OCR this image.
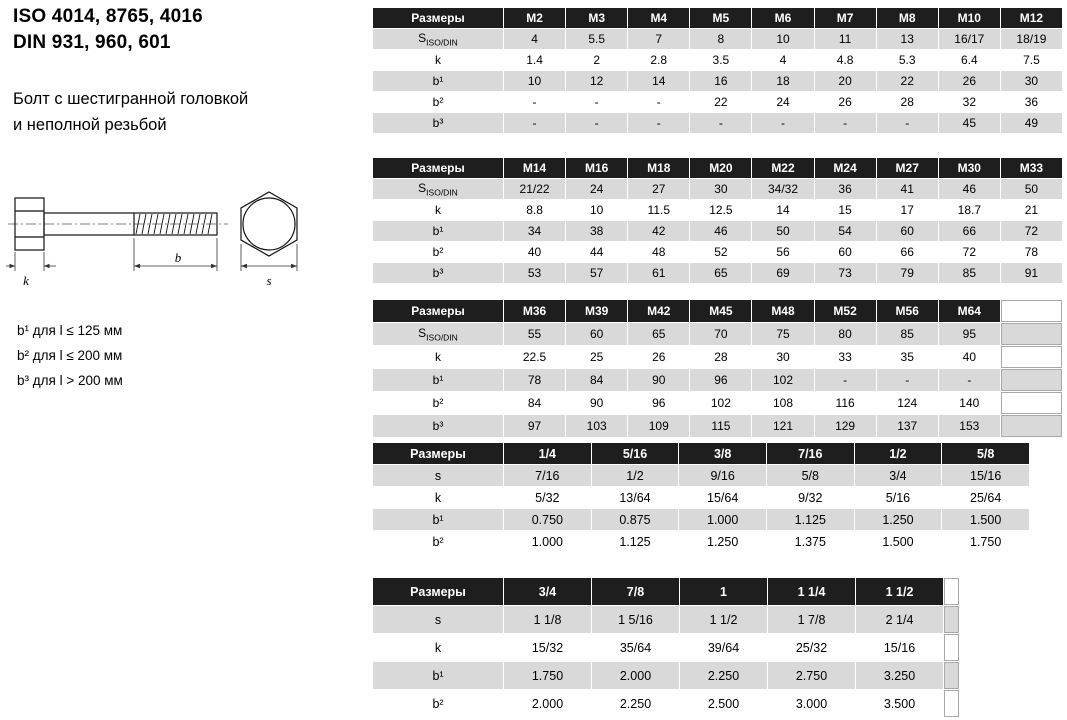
ISO 4014, 8765, 4016
DIN 931, 960, 601
Болт с шестигранной головкой
и неполной резьбой
k
b
s
b¹ для l ≤ 125 мм
b² для l ≤ 200 мм
b³ для l > 200 мм
Размеры	M2	M3	M4	M5	M6	M7	M8	M10	M12
$S_{ISO/DIN}$	4	5.5	7	8	10	11	13	16/17	18/19
k	1.4	2	2.8	3.5	4	4.8	5.3	6.4	7.5
b¹	10	12	14	16	18	20	22	26	30
b²	-	-	-	22	24	26	28	32	36
b³	-	-	-	-	-	-	-	45	49
Размеры	M14	M16	M18	M20	M22	M24	M27	M30	M33
$S_{ISO/DIN}$	21/22	24	27	30	34/32	36	41	46	50
k	8.8	10	11.5	12.5	14	15	17	18.7	21
b¹	34	38	42	46	50	54	60	66	72
b²	40	44	48	52	56	60	66	72	78
b³	53	57	61	65	69	73	79	85	91
Размеры	M36	M39	M42	M45	M48	M52	M56	M64	
$S_{ISO/DIN}$	55	60	65	70	75	80	85	95	
k	22.5	25	26	28	30	33	35	40	
b¹	78	84	90	96	102	-	-	-	
b²	84	90	96	102	108	116	124	140	
b³	97	103	109	115	121	129	137	153	
Размеры	1/4	5/16	3/8	7/16	1/2	5/8
s	7/16	1/2	9/16	5/8	3/4	15/16
k	5/32	13/64	15/64	9/32	5/16	25/64
b¹	0.750	0.875	1.000	1.125	1.250	1.500
b²	1.000	1.125	1.250	1.375	1.500	1.750
Размеры	3/4	7/8	1	1 1/4	1 1/2	
s	1 1/8	1 5/16	1 1/2	1 7/8	2 1/4	
k	15/32	35/64	39/64	25/32	15/16	
b¹	1.750	2.000	2.250	2.750	3.250	
b²	2.000	2.250	2.500	3.000	3.500	
